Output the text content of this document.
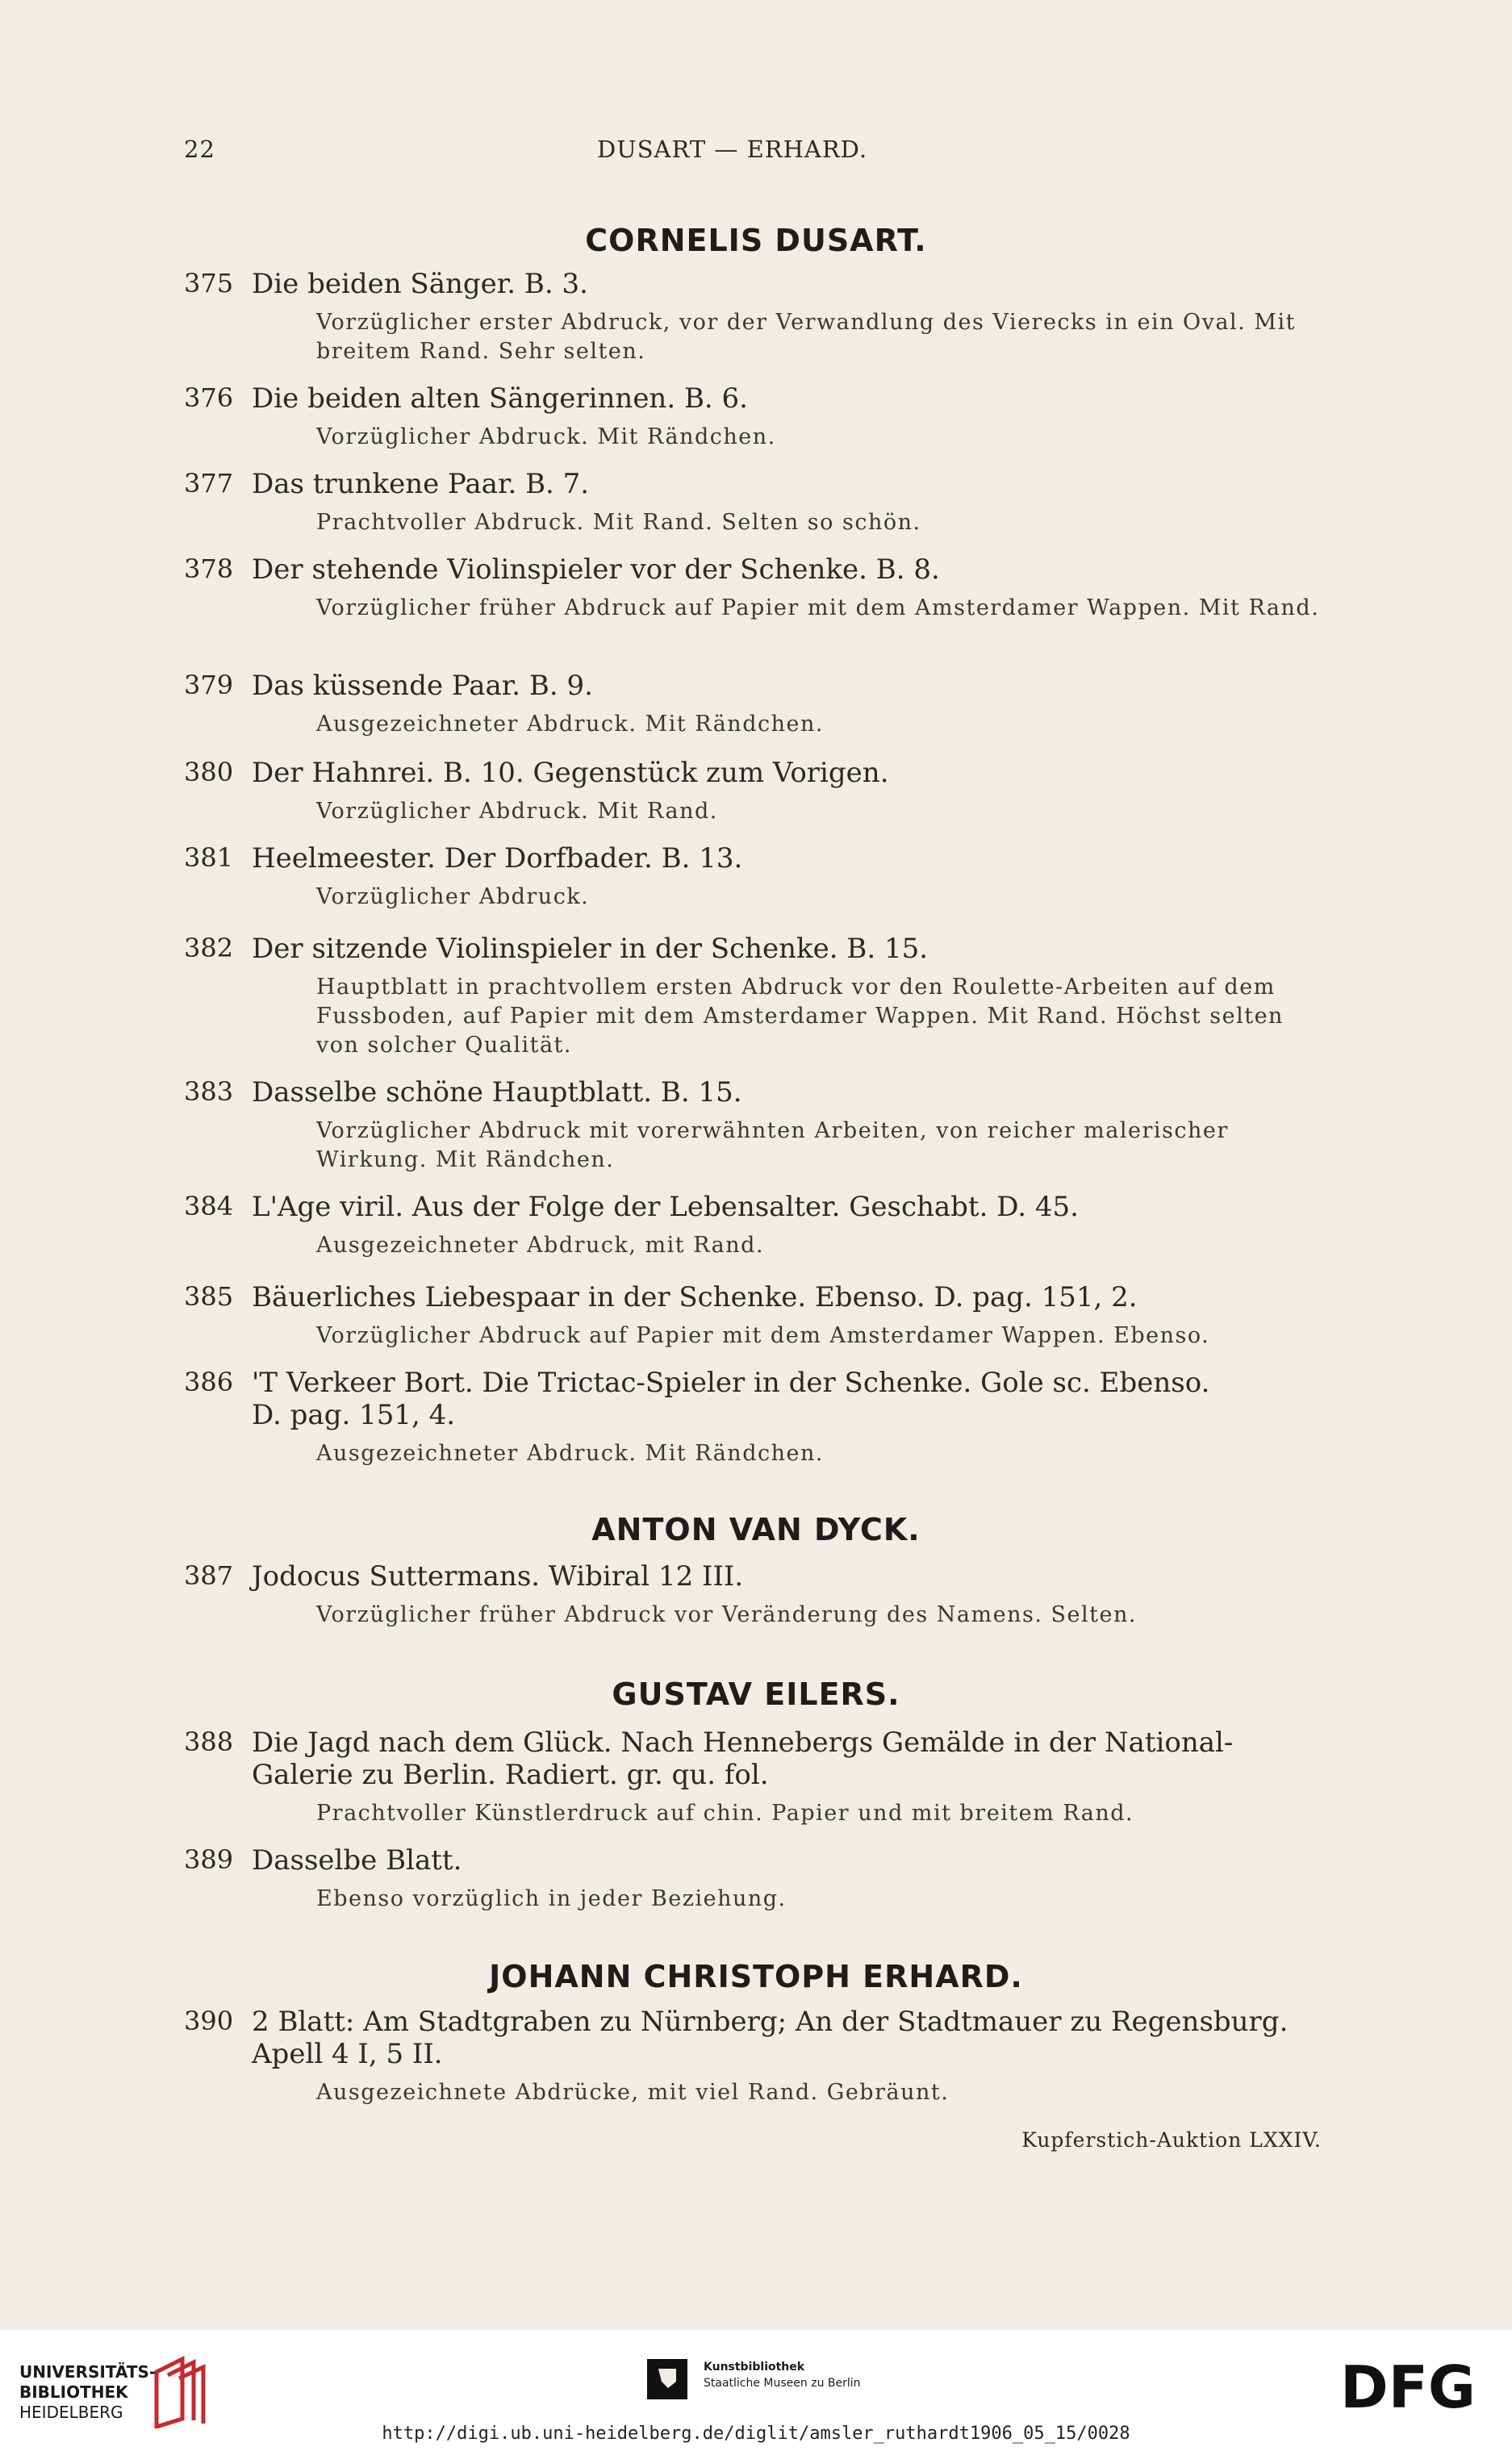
22	DUSART — ERHARD.
CORNELIS DUSART.
375 Die beiden Sänger. B. 3.
Vorzüglicher erster Abdruck, vor der Verwandlung des Vierecks in ein Oval. Mit breitem Rand. Sehr selten.
376 Die beiden alten Sängerinnen. B. 6.
Vorzüglicher Abdruck. Mit Rändchen.
377 Das trunkene Paar. B. 7.
Prachtvoller Abdruck. Mit Rand. Selten so schön.
378 Der stehende Violinspieler vor der Schenke. B. 8.
Vorzüglicher früher Abdruck auf Papier mit dem Amsterdamer Wappen. Mit Rand.
379 Das küssende Paar. B. 9.
Ausgezeichneter Abdruck. Mit Rändchen.
380 Der Hahnrei. B. 10. Gegenstück zum Vorigen.
Vorzüglicher Abdruck. Mit Rand.
381 Heelmeester. Der Dorfbader. B. 13.
Vorzüglicher Abdruck.
382 Der sitzende Violinspieler in der Schenke. B. 15.
Hauptblatt in prachtvollem ersten Abdruck vor den Roulette-Arbeiten auf dem Fussboden, auf Papier mit dem Amsterdamer Wappen. Mit Rand. Höchst selten von solcher Qualität.
383 Dasselbe schöne Hauptblatt. B. 15.
Vorzüglicher Abdruck mit vorerwähnten Arbeiten, von reicher malerischer Wirkung. Mit Rändchen.
384 L'Age viril. Aus der Folge der Lebensalter. Geschabt. D. 45.
Ausgezeichneter Abdruck, mit Rand.
385 Bäuerliches Liebespaar in der Schenke. Ebenso. D. pag. 151, 2.
Vorzüglicher Abdruck auf Papier mit dem Amsterdamer Wappen. Ebenso.
386 'T Verkeer Bort. Die Trictac-Spieler in der Schenke. Gole sc. Ebenso.
D. pag. 151, 4.
Ausgezeichneter Abdruck. Mit Rändchen.
ANTON VAN DYCK.
387 Jodocus Suttermans. Wibiral 12 III.
Vorzüglicher früher Abdruck vor Veränderung des Namens. Selten.
GUSTAV EILERS.
388 Die Jagd nach dem Glück. Nach Hennebergs Gemälde in der National-
Galerie zu Berlin. Radiert. gr. qu. fol.
Prachtvoller Künstlerdruck auf chin. Papier und mit breitem Rand.
389 Dasselbe Blatt.
Ebenso vorzüglich in jeder Beziehung.
JOHANN CHRISTOPH ERHARD.
390 2 Blatt: Am Stadtgraben zu Nürnberg; An der Stadtmauer zu Regensburg.
Apell 4 I, 5 II.
Ausgezeichnete Abdrücke, mit viel Rand. Gebräunt.
Kupferstich-Auktion LXXIV.
UNIVERSITÄTS-
BIBLIOTHEK
HEIDELBERG
Kunstbibliothek
Staatliche Museen zu Berlin	DFG
http://digi.ub.uni-heidelberg.de/diglit/amsler_ruthardt1906_05_15/0028
